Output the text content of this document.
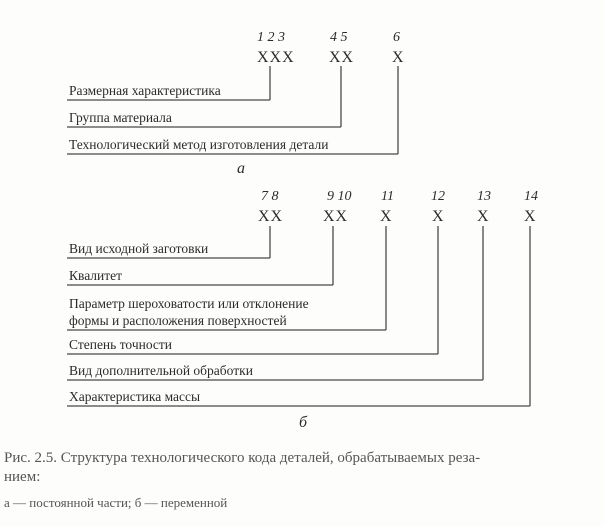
1 2 3	4 5	6
XXX XX X
Размерная характеристика
Группа материала
Технологический метод изготовления детали
а
7 8	9 10 11	12 13 14
XX XX X X X X
Вид исходной заготовки
Квалитет
Параметр шероховатости или отклонение
формы и расположения поверхностей
Степень точности
Вид дополнительной обработки
Характеристика массы
б
Рис. 2.5. Структура технологического кода деталей, обрабатываемых реза-
нием:
а — постоянной части; б — переменной
